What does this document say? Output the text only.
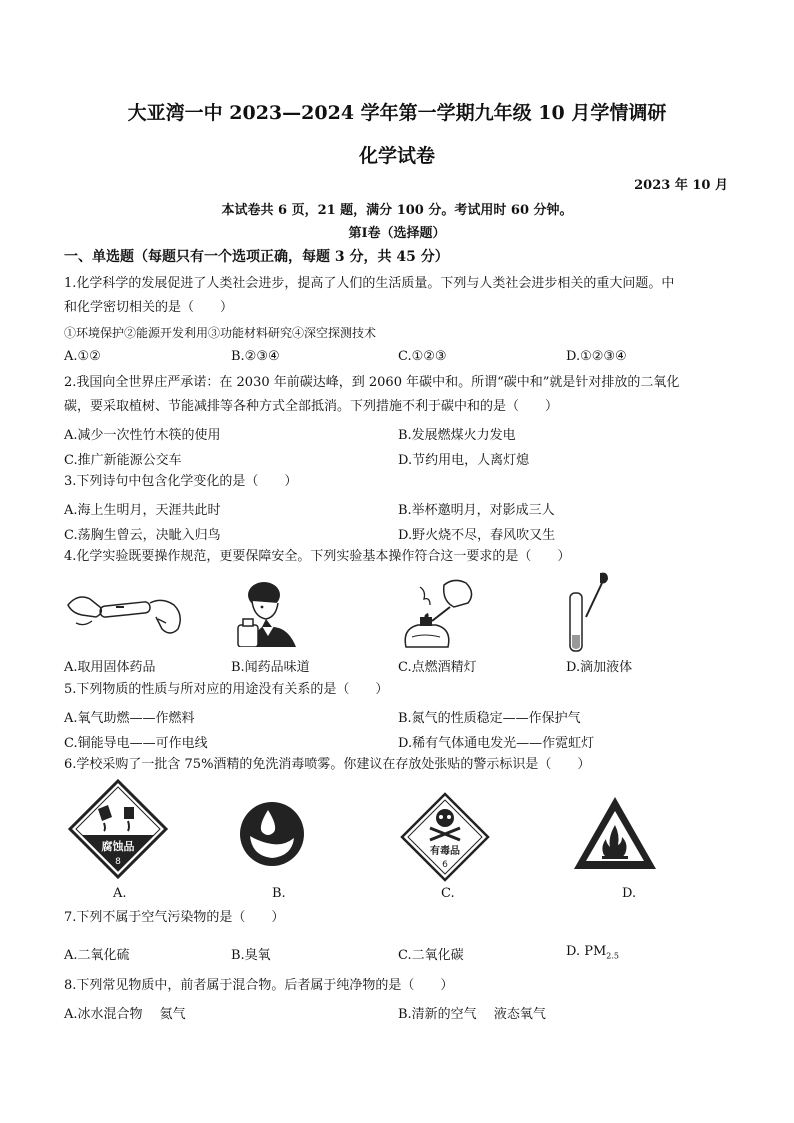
大亚湾一中 2023—2024 学年第一学期九年级 10 月学情调研
化学试卷
2023 年 10 月
本试卷共 6 页，21 题，满分 100 分。考试用时 60 分钟。
第Ⅰ卷（选择题）
一、单选题（每题只有一个选项正确，每题 3 分，共 45 分）
1.化学科学的发展促进了人类社会进步，提高了人们的生活质量。下列与人类社会进步相关的重大问题。中
和化学密切相关的是（　　）
①环境保护②能源开发利用③功能材料研究④深空探测技术
A.①②	B.②③④	C.①②③	D.①②③④
2.我国向全世界庄严承诺：在 2030 年前碳达峰，到 2060 年碳中和。所谓“碳中和”就是针对排放的二氧化
碳，要采取植树、节能减排等各种方式全部抵消。下列措施不利于碳中和的是（　　）
A.减少一次性竹木筷的使用	B.发展燃煤火力发电
C.推广新能源公交车	D.节约用电，人离灯熄
3.下列诗句中包含化学变化的是（　　）
A.海上生明月，天涯共此时	B.举杯邀明月，对影成三人
C.荡胸生曾云，决眦入归鸟	D.野火烧不尽，春风吹又生
4.化学实验既要操作规范，更要保障安全。下列实验基本操作符合这一要求的是（　　）
A.取用固体药品	B.闻药品味道	C.点燃酒精灯	D.滴加液体
5.下列物质的性质与所对应的用途没有关系的是（　　）
A.氧气助燃——作燃料	B.氮气的性质稳定——作保护气
C.铜能导电——可作电线	D.稀有气体通电发光——作霓虹灯
6.学校采购了一批含 75%酒精的免洗消毒喷雾。你建议在存放处张贴的警示标识是（　　）
腐蚀品
8
有毒品
6
A.	B.	C.	D.
7.下列不属于空气污染物的是（　　）
A.二氧化硫	B.臭氧	C.二氧化碳	D. $PM_{2.5}$
8.下列常见物质中，前者属于混合物。后者属于纯净物的是（　　）
A.冰水混合物　 氦气	B.清新的空气　 液态氧气
